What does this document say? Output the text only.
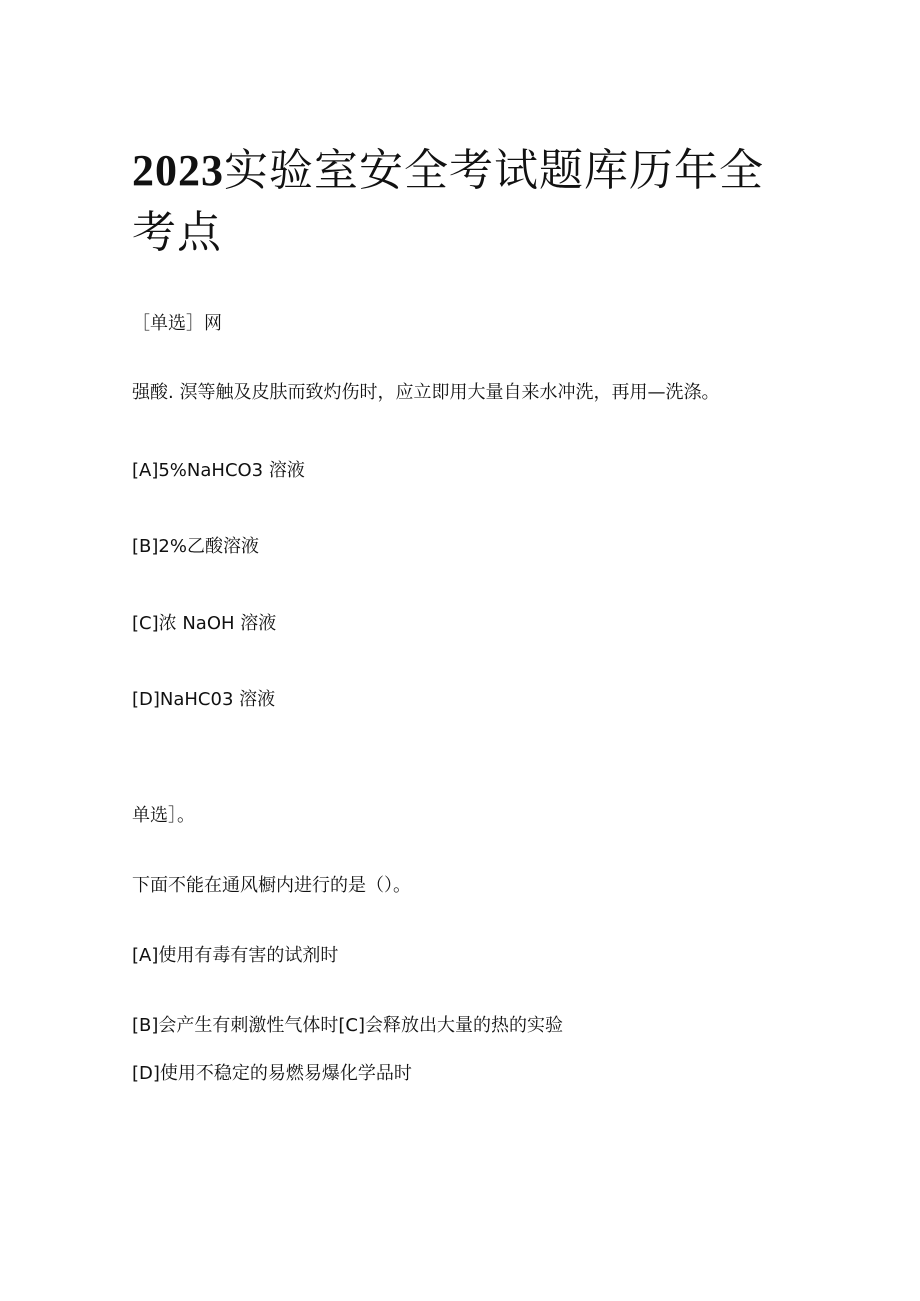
2023实验室安全考试题库历年全考点
［单选］网
强酸. 溟等触及皮肤而致灼伤时，应立即用大量自来水冲洗，再用—洗涤。
[A]5%NaHCO3 溶液
[B]2%乙酸溶液
[C]浓 NaOH 溶液
[D]NaHC03 溶液
单选］。
下面不能在通风橱内进行的是（）。
[A]使用有毒有害的试剂时
[B]会产生有刺激性气体时[C]会释放出大量的热的实验
[D]使用不稳定的易燃易爆化学品时
